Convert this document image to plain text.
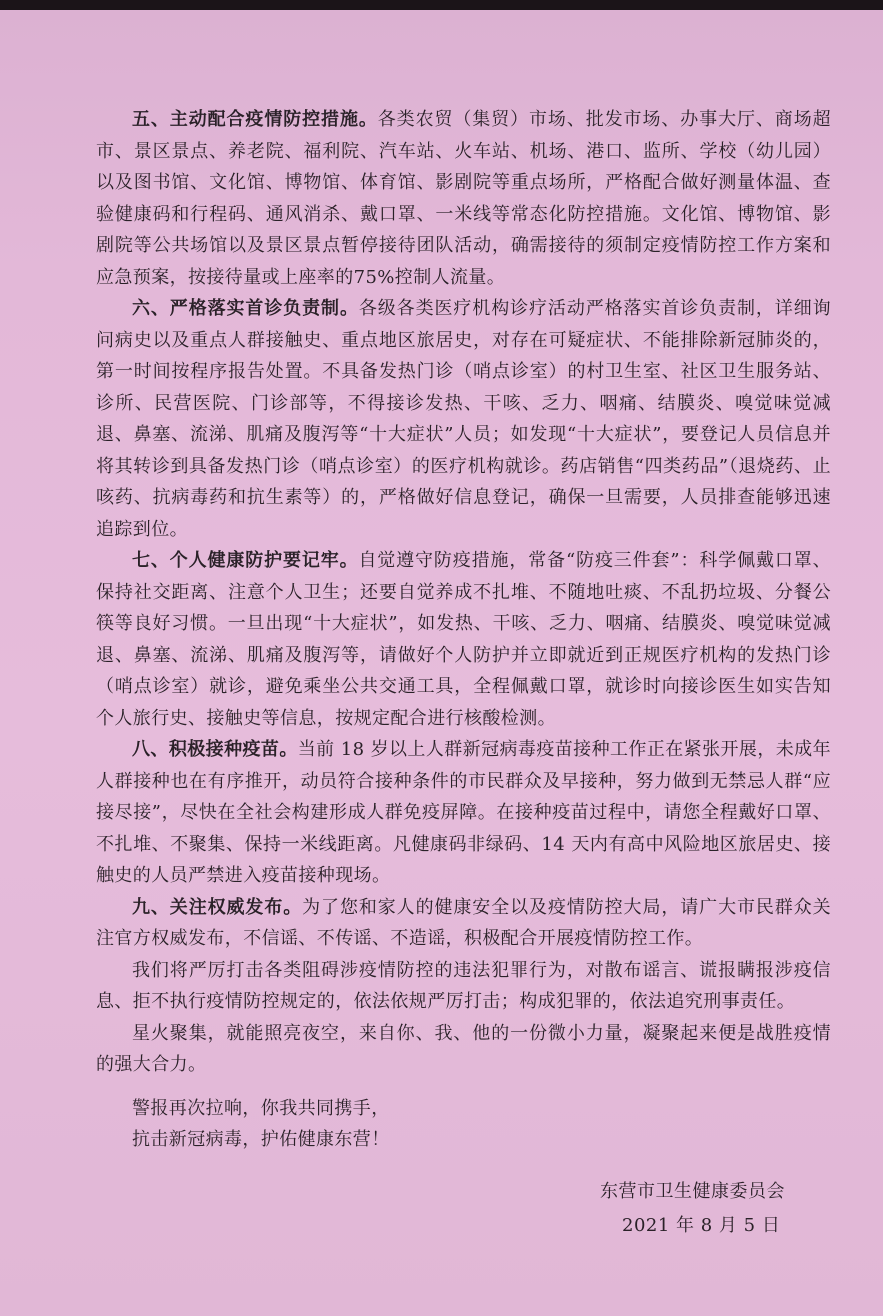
五、主动配合疫情防控措施。各类农贸（集贸）市场、批发市场、办事大厅、商场超市、景区景点、养老院、福利院、汽车站、火车站、机场、港口、监所、学校（幼儿园）以及图书馆、文化馆、博物馆、体育馆、影剧院等重点场所，严格配合做好测量体温、查验健康码和行程码、通风消杀、戴口罩、一米线等常态化防控措施。文化馆、博物馆、影剧院等公共场馆以及景区景点暂停接待团队活动，确需接待的须制定疫情防控工作方案和应急预案，按接待量或上座率的75%控制人流量。

六、严格落实首诊负责制。各级各类医疗机构诊疗活动严格落实首诊负责制，详细询问病史以及重点人群接触史、重点地区旅居史，对存在可疑症状、不能排除新冠肺炎的，第一时间按程序报告处置。不具备发热门诊（哨点诊室）的村卫生室、社区卫生服务站、诊所、民营医院、门诊部等，不得接诊发热、干咳、乏力、咽痛、结膜炎、嗅觉味觉减退、鼻塞、流涕、肌痛及腹泻等“十大症状”人员；如发现“十大症状”，要登记人员信息并将其转诊到具备发热门诊（哨点诊室）的医疗机构就诊。药店销售“四类药品”（退烧药、止咳药、抗病毒药和抗生素等）的，严格做好信息登记，确保一旦需要，人员排查能够迅速追踪到位。

七、个人健康防护要记牢。自觉遵守防疫措施，常备“防疫三件套”：科学佩戴口罩、保持社交距离、注意个人卫生；还要自觉养成不扎堆、不随地吐痰、不乱扔垃圾、分餐公筷等良好习惯。一旦出现“十大症状”，如发热、干咳、乏力、咽痛、结膜炎、嗅觉味觉减退、鼻塞、流涕、肌痛及腹泻等，请做好个人防护并立即就近到正规医疗机构的发热门诊（哨点诊室）就诊，避免乘坐公共交通工具，全程佩戴口罩，就诊时向接诊医生如实告知个人旅行史、接触史等信息，按规定配合进行核酸检测。

八、积极接种疫苗。当前 18 岁以上人群新冠病毒疫苗接种工作正在紧张开展，未成年人群接种也在有序推开，动员符合接种条件的市民群众及早接种，努力做到无禁忌人群“应接尽接”，尽快在全社会构建形成人群免疫屏障。在接种疫苗过程中，请您全程戴好口罩、不扎堆、不聚集、保持一米线距离。凡健康码非绿码、14 天内有高中风险地区旅居史、接触史的人员严禁进入疫苗接种现场。

九、关注权威发布。为了您和家人的健康安全以及疫情防控大局，请广大市民群众关注官方权威发布，不信谣、不传谣、不造谣，积极配合开展疫情防控工作。

我们将严厉打击各类阻碍涉疫情防控的违法犯罪行为，对散布谣言、谎报瞒报涉疫信息、拒不执行疫情防控规定的，依法依规严厉打击；构成犯罪的，依法追究刑事责任。

星火聚集，就能照亮夜空，来自你、我、他的一份微小力量，凝聚起来便是战胜疫情的强大合力。

警报再次拉响，你我共同携手，

抗击新冠病毒，护佑健康东营！

东营市卫生健康委员会
2021 年 8 月 5 日
